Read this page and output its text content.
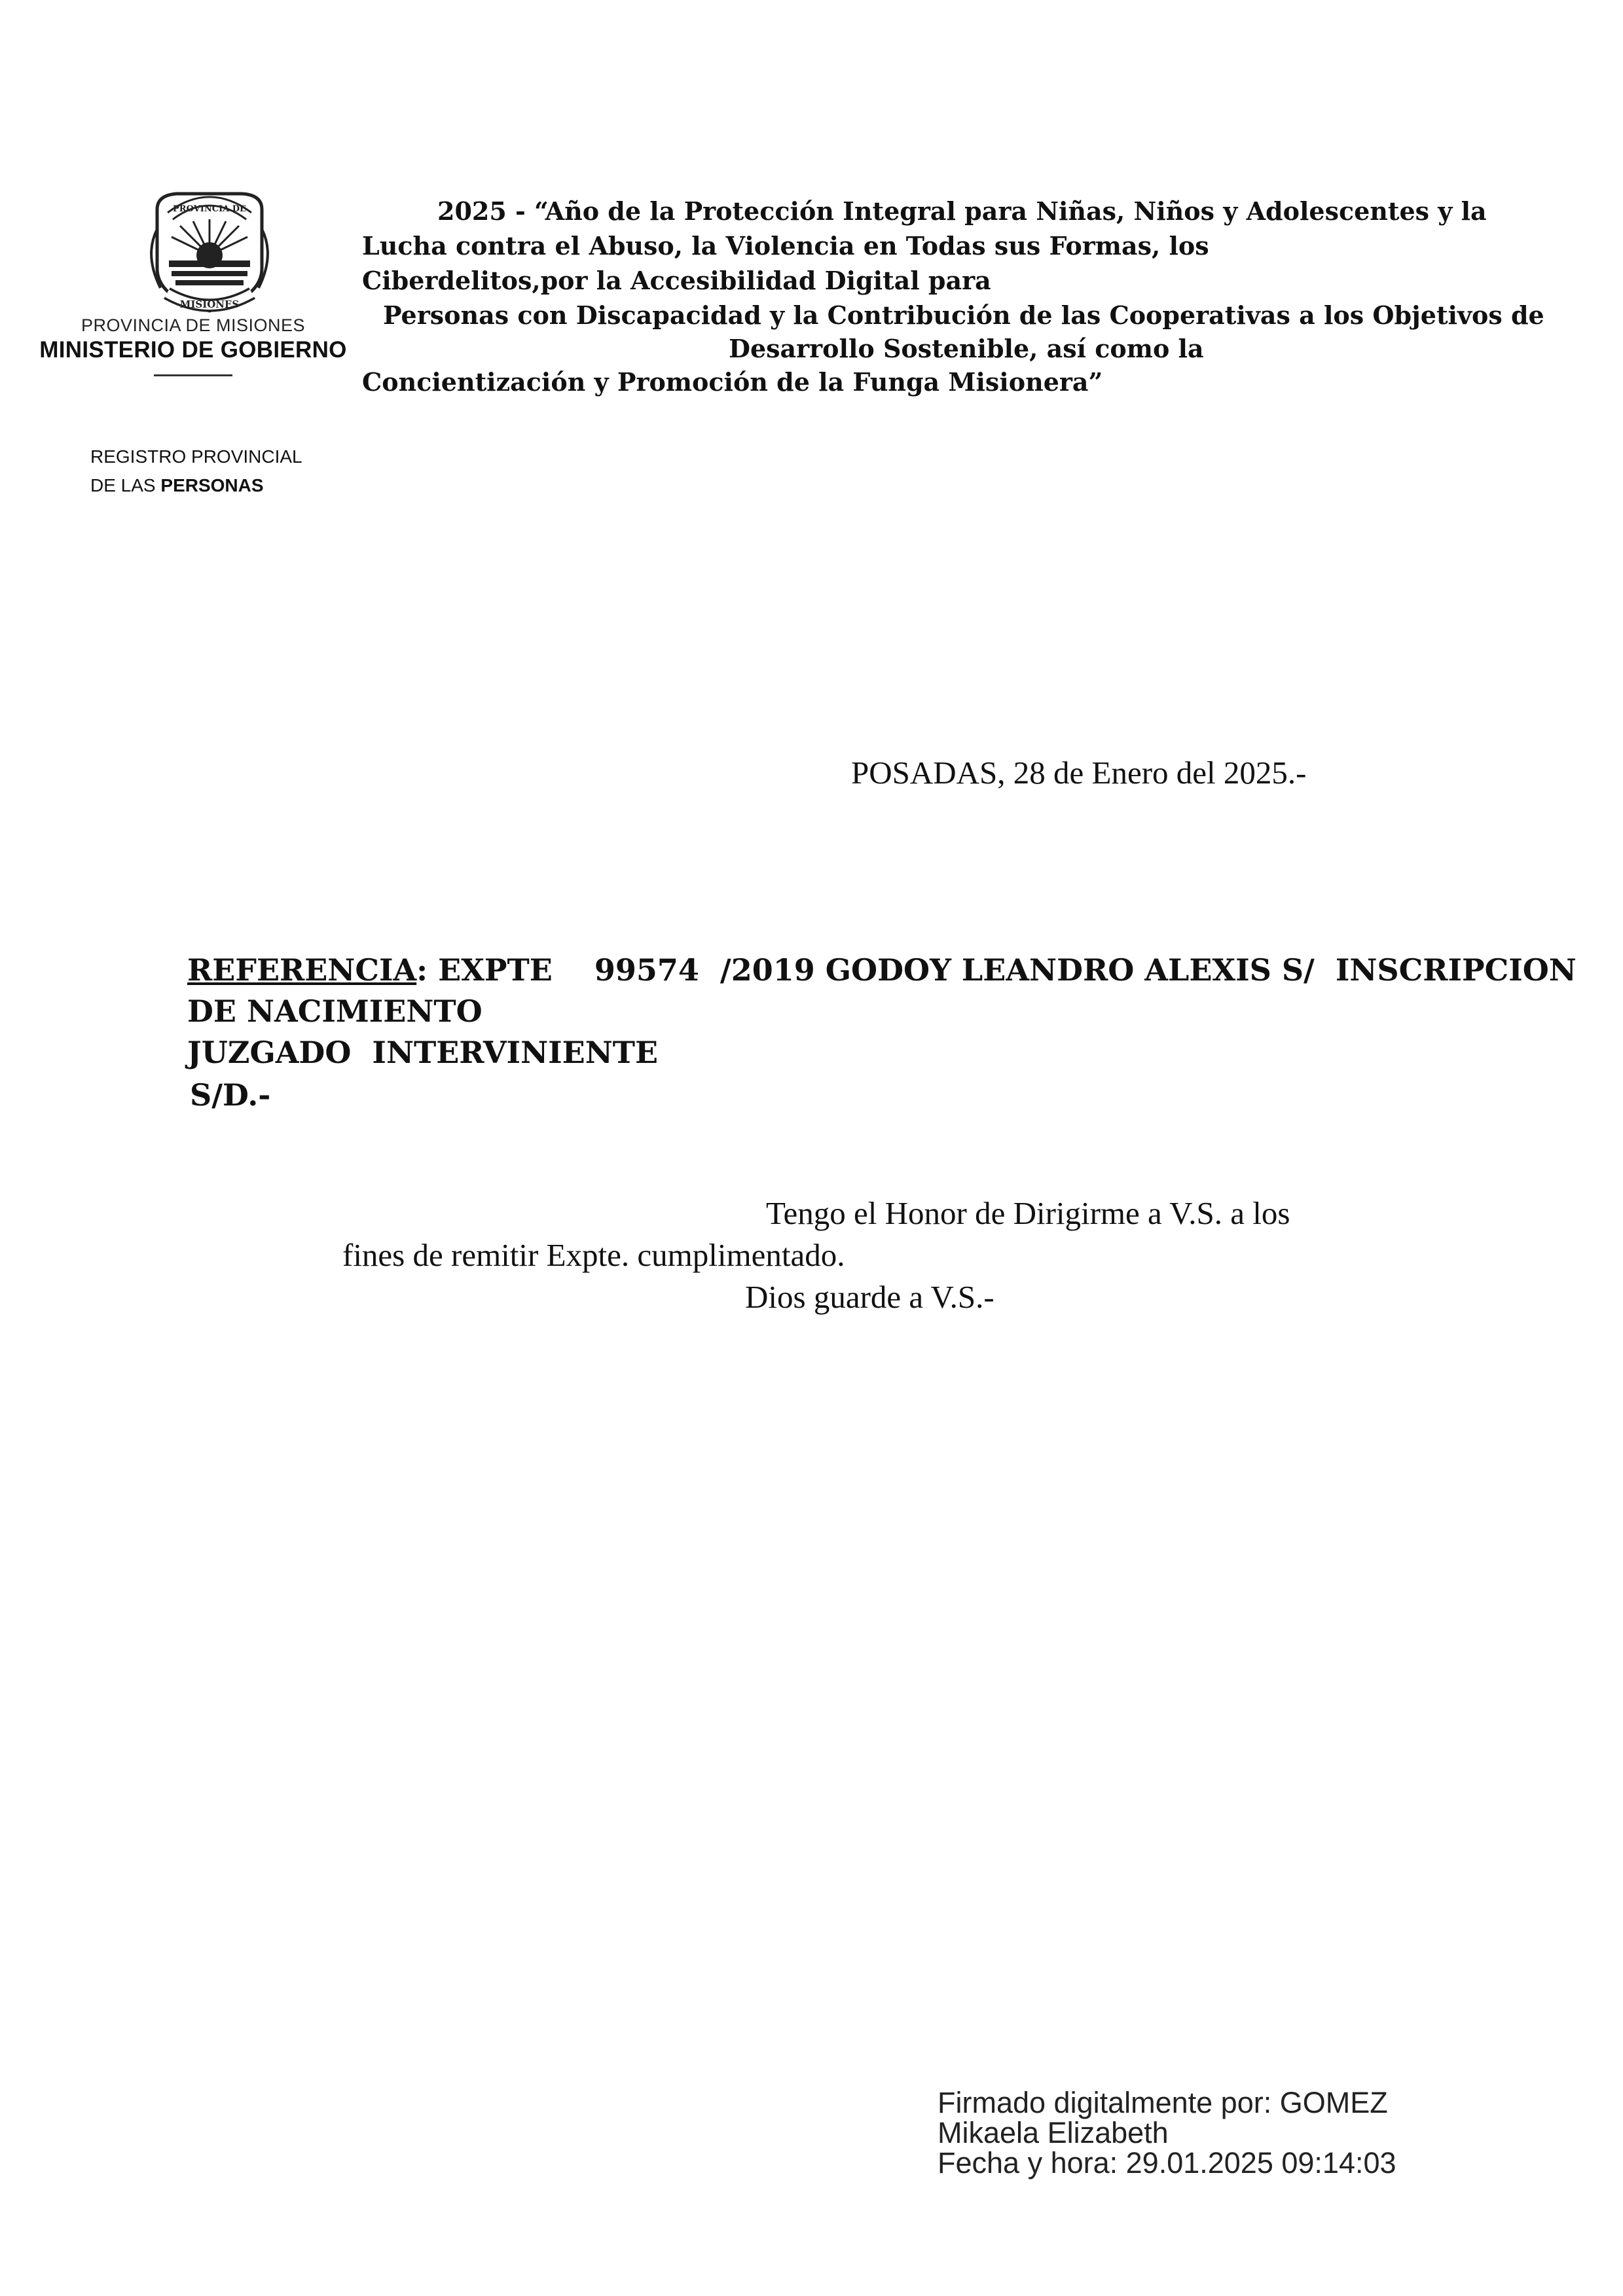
PROVINCIA DE
MISIONES
PROVINCIA DE MISIONES
MINISTERIO DE GOBIERNO
2025 - “Año de la Protección Integral para Niñas, Niños y Adolescentes y la
Lucha contra el Abuso, la Violencia en Todas sus Formas, los
Ciberdelitos,por la Accesibilidad Digital para
Personas con Discapacidad y la Contribución de las Cooperativas a los Objetivos de
Desarrollo Sostenible, así como la
Concientización y Promoción de la Funga Misionera”
REGISTRO PROVINCIAL
DE LAS PERSONAS
POSADAS, 28 de Enero del 2025.-
REFERENCIA: EXPTE    99574  /2019 GODOY LEANDRO ALEXIS S/  INSCRIPCION
DE NACIMIENTO
JUZGADO  INTERVINIENTE
S/D.-
Tengo el Honor de Dirigirme a V.S. a los
fines de remitir Expte. cumplimentado.
Dios guarde a V.S.-
Firmado digitalmente por: GOMEZ
Mikaela Elizabeth
Fecha y hora: 29.01.2025 09:14:03
